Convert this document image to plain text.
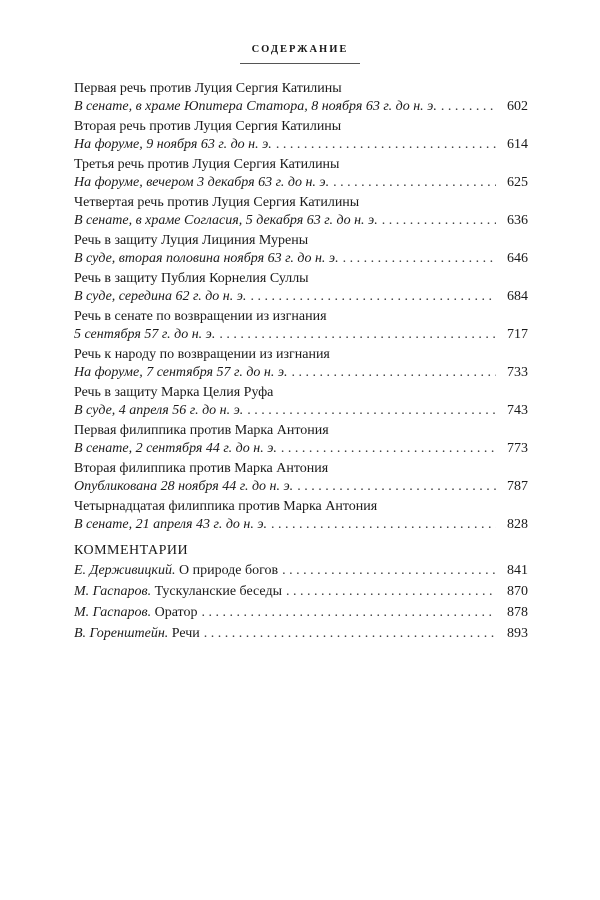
СОДЕРЖАНИЕ
Первая речь против Луция Сергия Катилины
В сенате, в храме Юпитера Статора, 8 ноября 63 г. до н. э. . . .	602
Вторая речь против Луция Сергия Катилины
На форуме, 9 ноября 63 г. до н. э. . . .	614
Третья речь против Луция Сергия Катилины
На форуме, вечером 3 декабря 63 г. до н. э. . . .	625
Четвертая речь против Луция Сергия Катилины
В сенате, в храме Согласия, 5 декабря 63 г. до н. э. . . .	636
Речь в защиту Луция Лициния Мурены
В суде, вторая половина ноября 63 г. до н. э. . . .	646
Речь в защиту Публия Корнелия Суллы
В суде, середина 62 г. до н. э. . . .	684
Речь в сенате по возвращении из изгнания
5 сентября 57 г. до н. э. . . .	717
Речь к народу по возвращении из изгнания
На форуме, 7 сентября 57 г. до н. э. . . .	733
Речь в защиту Марка Целия Руфа
В суде, 4 апреля 56 г. до н. э. . . .	743
Первая филиппика против Марка Антония
В сенате, 2 сентября 44 г. до н. э. . . .	773
Вторая филиппика против Марка Антония
Опубликована 28 ноября 44 г. до н. э. . . .	787
Четырнадцатая филиппика против Марка Антония
В сенате, 21 апреля 43 г. до н. э. . . .	828
КОММЕНТАРИИ
Е. Держивицкий. О природе богов . . .	841
М. Гаспаров. Тускуланские беседы . . .	870
М. Гаспаров. Оратор . . .	878
В. Горенштейн. Речи . . .	893
